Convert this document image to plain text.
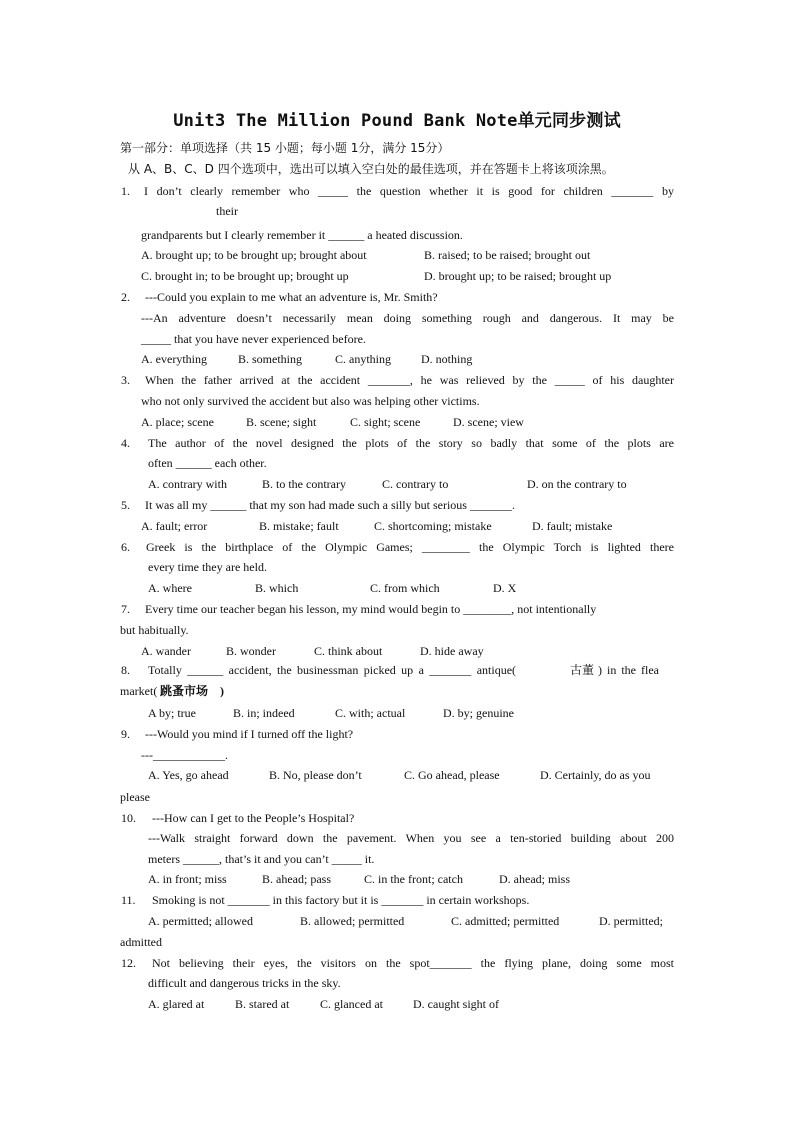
Unit3 The Million Pound Bank Note单元同步测试
第一部分：单项选择（共 15 小题；每小题 1分，满分 15分）
从 A、B、C、D 四个选项中，选出可以填入空白处的最佳选项，并在答题卡上将该项涂黑。
1. I don’t clearly remember who _____ the question whether it is good for children _______ by
their
grandparents but I clearly remember it ______ a heated discussion.
A. brought up; to be brought up; brought about	B. raised; to be raised; brought out
C. brought in; to be brought up; brought up	D. brought up; to be raised; brought up
2. ---Could you explain to me what an adventure is, Mr. Smith?
---An adventure doesn’t necessarily mean doing something rough and dangerous. It may be
_____ that you have never experienced before.
A. everything	B. something	C. anything	D. nothing
3. When the father arrived at the accident _______, he was relieved by the _____ of his daughter
who not only survived the accident but also was helping other victims.
A. place; scene	B. scene; sight	C. sight; scene	D. scene; view
4. The author of the novel designed the plots of the story so badly that some of the plots are
often ______ each other.
A. contrary with	B. to the contrary	C. contrary to	D. on the contrary to
5. It was all my ______ that my son had made such a silly but serious _______.
A. fault; error	B. mistake; fault	C. shortcoming; mistake	D. fault; mistake
6. Greek is the birthplace of the Olympic Games; ________ the Olympic Torch is lighted there
every time they are held.
A. where	B. which	C. from which	D. X
7. Every time our teacher began his lesson, my mind would begin to ________, not intentionally
but habitually.
A. wander	B. wonder	C. think about	D. hide away
8. Totally ______ accident, the businessman picked up a _______ antique(	古董 ) in the flea
market( 跳蚤市场 )
A by; true	B. in; indeed	C. with; actual	D. by; genuine
9. ---Would you mind if I turned off the light?
---____________.
A. Yes, go ahead	B. No, please don’t	C. Go ahead, please	D. Certainly, do as you
please
10. ---How can I get to the People’s Hospital?
---Walk straight forward down the pavement. When you see a ten-storied building about 200
meters ______, that’s it and you can’t _____ it.
A. in front; miss	B. ahead; pass	C. in the front; catch	D. ahead; miss
11. Smoking is not _______ in this factory but it is _______ in certain workshops.
A. permitted; allowed	B. allowed; permitted	C. admitted; permitted	D. permitted;
admitted
12. Not believing their eyes, the visitors on the spot_______ the flying plane, doing some most
difficult and dangerous tricks in the sky.
A. glared at	B. stared at	C. glanced at	D. caught sight of
